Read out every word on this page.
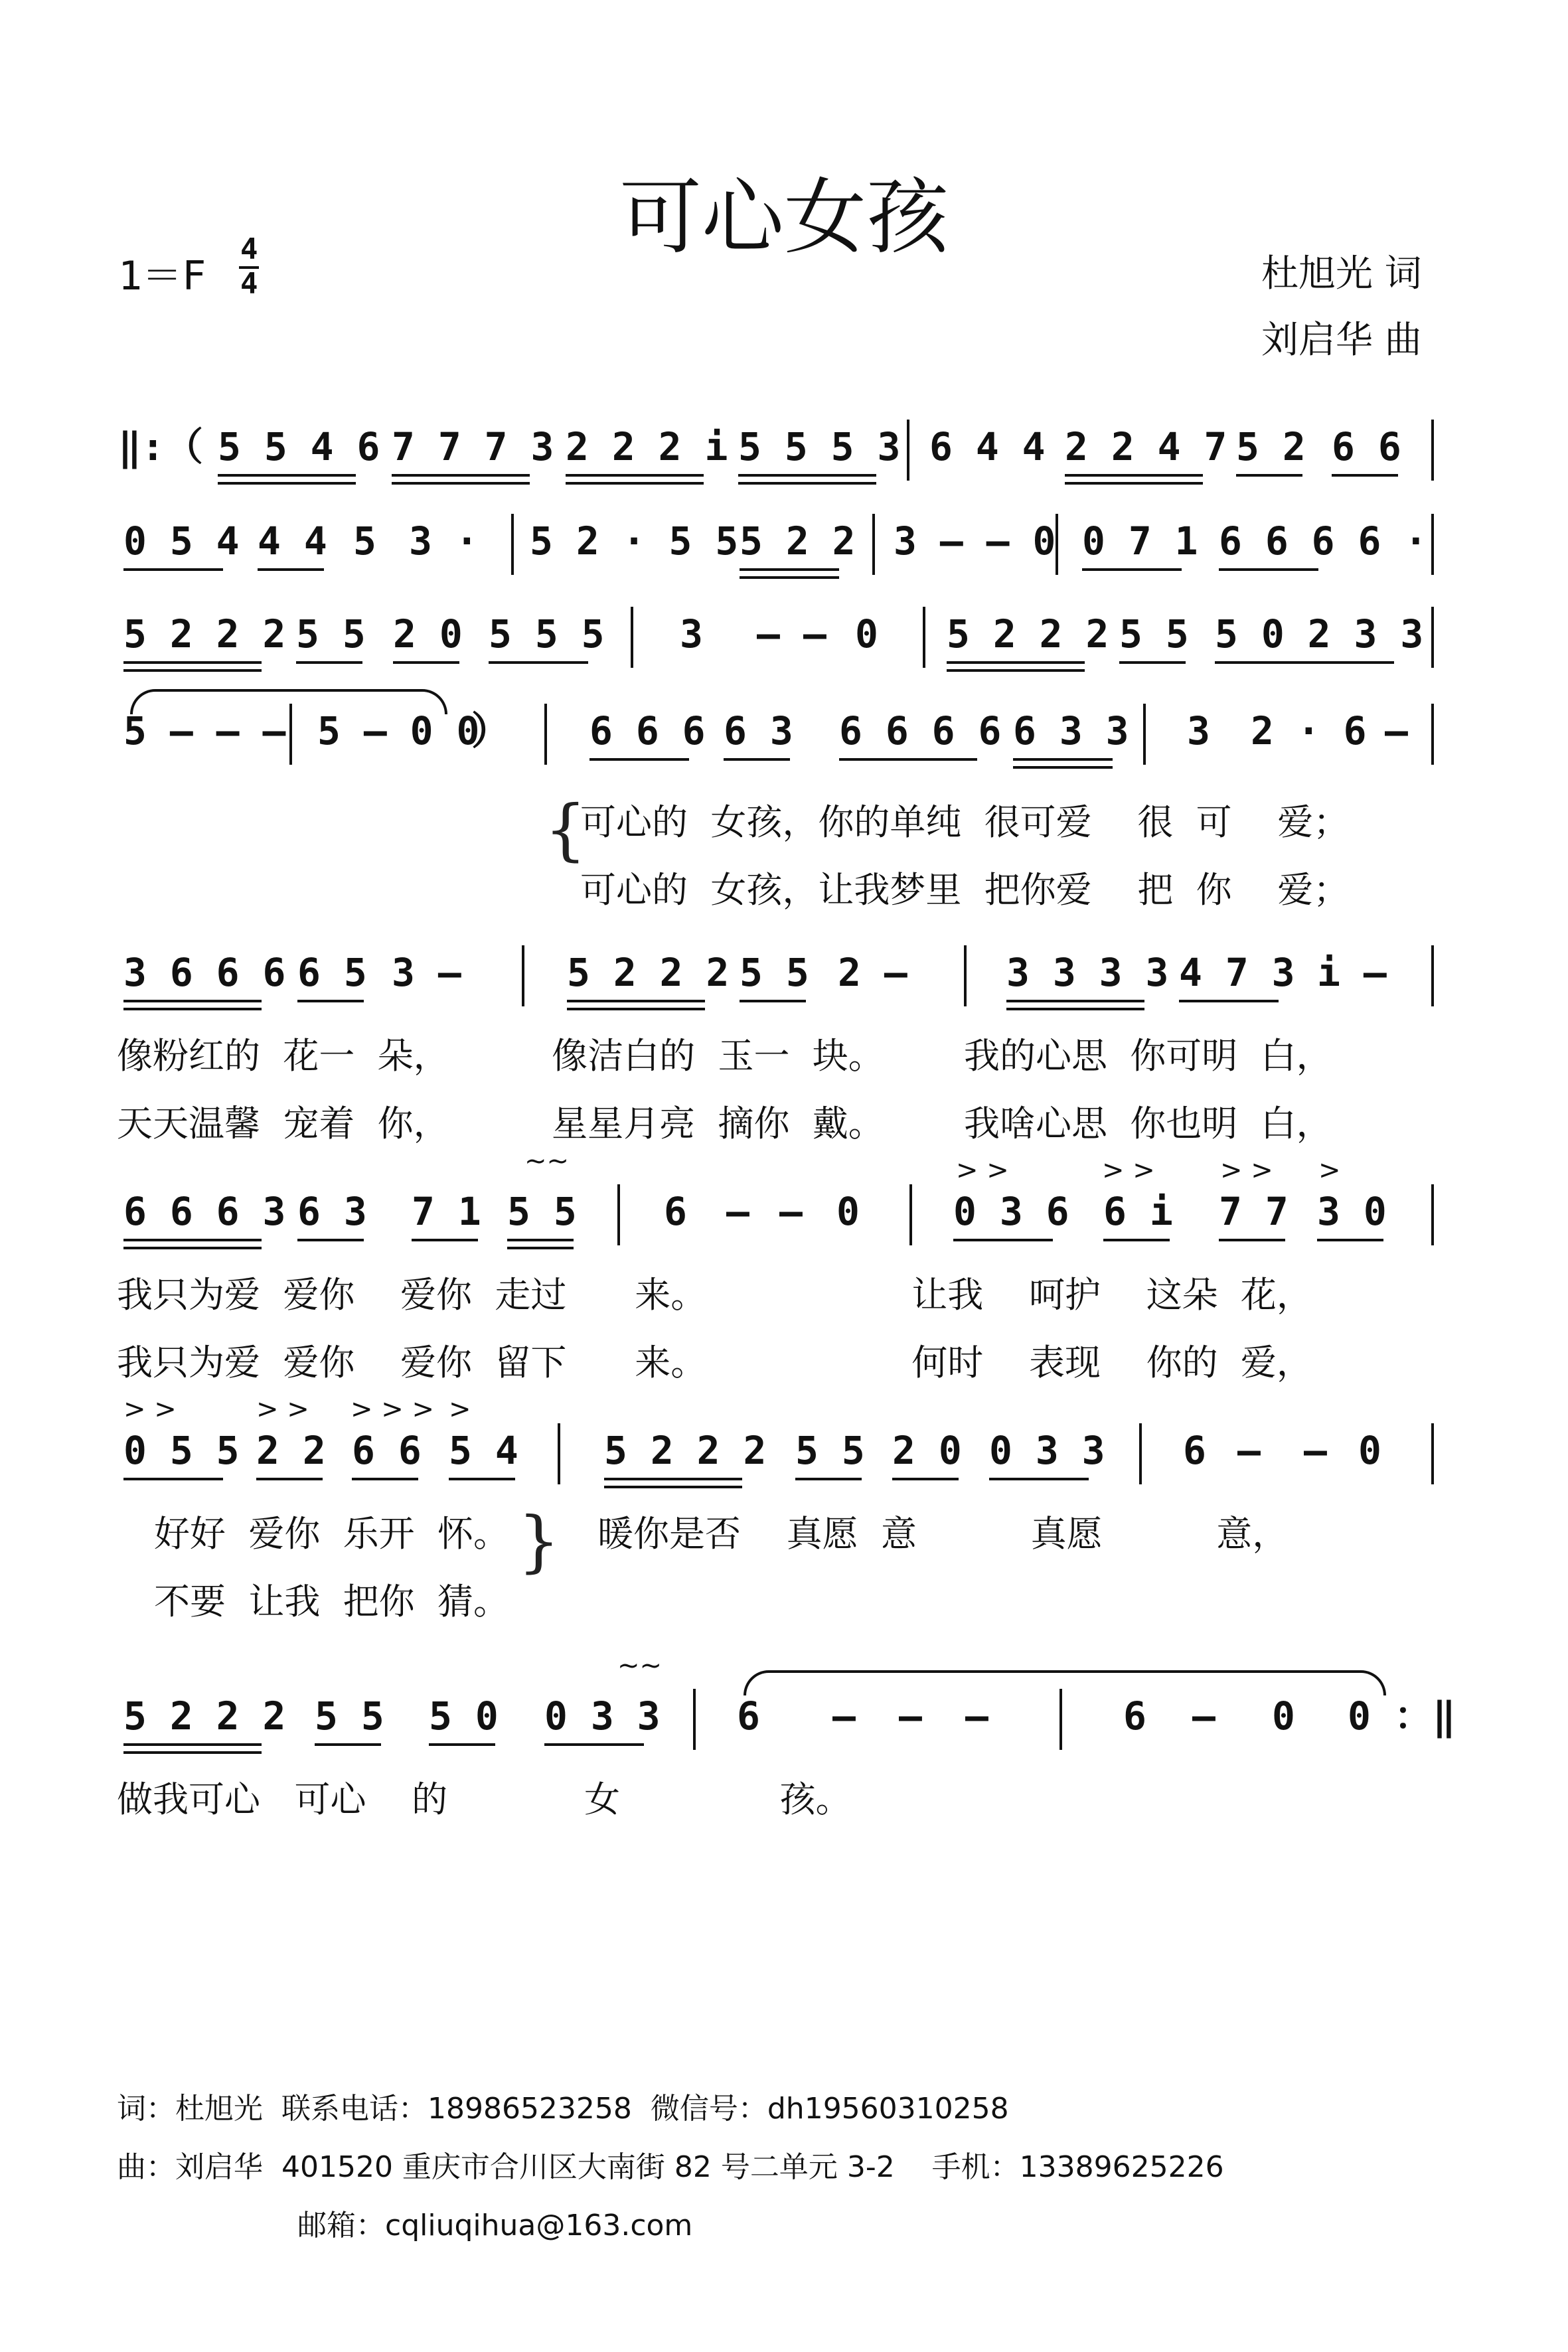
可心女孩
1＝F
4
4	杜旭光 词
刘启华 曲
‖:（ 5 5 4 6 7 7 7 3 2 2 2 i 5 5 5 3 6 4 4 2 2 4 7 5 2 6 6
0 5 4 4 4 5 3 · 5 2 · 5 5 5 2 2 3 – – 0 0 7 1 6 6 6 6 ·
5 2 2 2 5 5 2 0 5 5 5 3 – – 0 5 2 2 2 5 5 5 0 2 3 3
5 – – – 5 – 0 0
） 6 6 6 6 3 6 6 6 6 6 3 3 3 2 · 6 –
{
可心的  女孩，你的单纯  很可爱    很  可    爱；
可心的  女孩，让我梦里  把你爱    把  你    爱；
3 6 6 6 6 5 3 –	5 2 2 2 5 5 2 –	3 3 3 3 4 7 3 i –
像粉红的  花一  朵，         像洁白的  玉一  块。       我的心思  你可明  白，
天天温馨  宠着  你，         星星月亮  摘你  戴。       我啥心思  你也明  白，
~~	> >	> > > > >
6 6 6 3 6 3 7 1 5 5 6 – – 0 0 3 6 6 i 7 7 3 0
我只为爱  爱你    爱你  走过      来。                  让我    呵护    这朵  花，
我只为爱  爱你    爱你  留下      来。                  何时    表现    你的  爱，
> >	> > > > > >
0 5 5 2 2 6 6 5 4 5 2 2 2 5 5 2 0 0 3 3 6 – – 0
好好  爱你  乐开  怀。
不要  让我  把你  猜。
} 暖你是否    真愿  意          真愿          意，
~~
5 2 2 2 5 5 5 0 0 3 3 6 – – –	6 – 0 0 ：‖
做我可心   可心    的            女              孩。
词：杜旭光  联系电话：18986523258  微信号：dh19560310258
曲：刘启华  401520 重庆市合川区大南街 82 号二单元 3-2    手机：13389625226
邮箱：cqliuqihua@163.com
